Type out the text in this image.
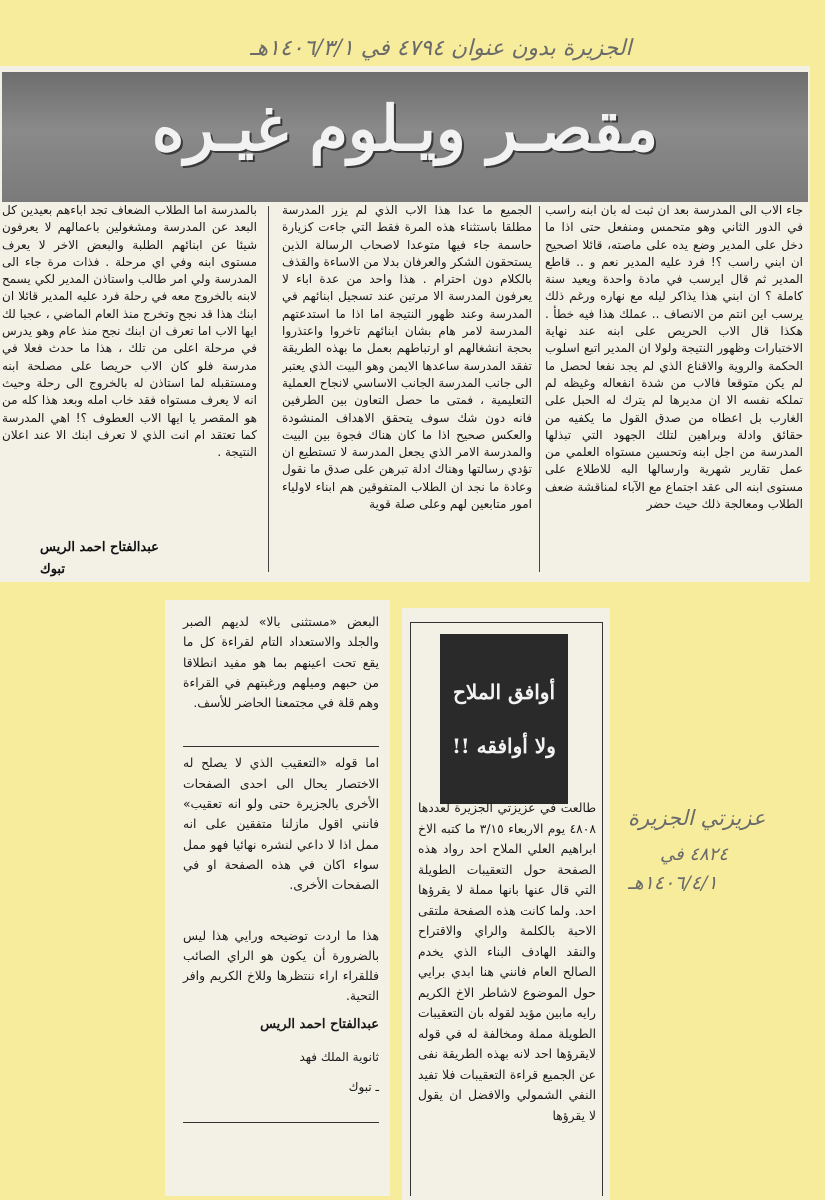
الجزيرة بدون عنوان ٤٧٩٤ في ١٤٠٦/٣/١هـ
مقصـر ويـلوم غيـره

جاء الاب الى المدرسة بعد ان ثبت له بان ابنه راسب في الدور الثاني وهو متحمس ومنفعل حتى اذا ما دخل على المدير وضع يده على ماصته، قائلا اصحيح ان ابني راسب ؟! فرد عليه المدير نعم و .. قاطع المدير ثم قال ايرسب في مادة واحدة ويعيد سنة كاملة ؟ ان ابني هذا يذاكر ليله مع نهاره ورغم ذلك يرسب اين انتم من الانصاف .. عملك هذا فيه خطأ . هكذا قال الاب الحريص على ابنه عند نهاية الاختبارات وظهور النتيجة ولولا ان المدير اتبع اسلوب الحكمة والروية والاقناع الذي لم يجد نفعا لحصل ما لم يكن متوقعا فالاب من شدة انفعاله وغيظه لم تملكه نفسه الا ان مديرها لم يترك له الحبل على الغارب بل اعطاه من صدق القول ما يكفيه من حقائق وادلة وبراهين لتلك الجهود التي تبذلها المدرسة من اجل ابنه وتحسين مستواه العلمي من عمل تقارير شهرية وارسالها اليه للاطلاع على مستوى ابنه الى عقد اجتماع مع الآباء لمناقشة ضعف الطلاب ومعالجة ذلك حيث حضر

الجميع ما عدا هذا الاب الذي لم يزر المدرسة مطلقا باستثناء هذه المرة فقط التي جاءت كزيارة حاسمة جاء فيها متوعدا لاصحاب الرسالة الذين يستحقون الشكر والعرفان بدلا من الاساءة والقذف بالكلام دون احترام . هذا واحد من عدة اباء لا يعرفون المدرسة الا مرتين عند تسجيل ابنائهم في المدرسة وعند ظهور النتيجة اما اذا ما استدعتهم المدرسة لامر هام بشان ابنائهم تاخروا واعتذروا بحجة انشغالهم او ارتباطهم بعمل ما بهذه الطريقة تفقد المدرسة ساعدها الايمن وهو البيت الذي يعتبر الى جانب المدرسة الجانب الاساسي لانجاح العملية التعليمية ، فمتى ما حصل التعاون بين الطرفين فانه دون شك سوف يتحقق الاهداف المنشودة والعكس صحيح اذا ما كان هناك فجوة بين البيت والمدرسة الامر الذي يجعل المدرسة لا تستطيع ان تؤدي رسالتها وهناك ادلة تبرهن على صدق ما نقول وعادة ما نجد ان الطلاب المتفوقين هم ابناء لاولياء امور متابعين لهم وعلى صلة قوية

بالمدرسة اما الطلاب الضعاف تجد اباءهم بعيدين كل البعد عن المدرسة ومشغولين باعمالهم لا يعرفون شيئا عن ابنائهم الطلبة والبعض الاخر لا يعرف مستوى ابنه وفي اي مرحلة . فذات مرة جاء الى المدرسة ولي امر طالب واستاذن المدير لكي يسمح لابنه بالخروج معه في رحلة فرد عليه المدير قائلا ان ابنك هذا قد نجح وتخرج منذ العام الماضي ، عجبا لك ايها الاب اما تعرف ان ابنك نجح منذ عام وهو يدرس في مرحلة اعلى من تلك ، هذا ما حدث فعلا في مدرسة فلو كان الاب حريصا على مصلحة ابنه ومستقبله لما استاذن له بالخروج الى رحلة وحيث انه لا يعرف مستواه فقد خاب امله وبعد هذا كله من هو المقصر يا ايها الاب العطوف ؟! اهي المدرسة كما تعتقد ام انت الذي لا تعرف ابنك الا عند اعلان النتيجة .

عبدالفتاح احمد الريس
تبوك

البعض «مستثنى بالا» لديهم الصبر والجلد والاستعداد التام لقراءة كل ما يقع تحت اعينهم بما هو مفيد انطلاقا من حبهم وميلهم ورغبتهم في القراءة وهم قلة في مجتمعنا الحاضر للأسف.

اما قوله «التعقيب الذي لا يصلح له الاختصار يحال الى احدى الصفحات الأخرى بالجزيرة حتى ولو انه تعقيب» فانني اقول مازلنا متفقين على انه ممل اذا لا داعي لنشره نهائيا فهو ممل سواء اكان في هذه الصفحة او في الصفحات الأخرى.

هذا ما اردت توضيحه ورايي هذا ليس بالضرورة أن يكون هو الراي الصائب فللقراء اراء ننتظرها وللاخ الكريم وافر التحية.

عبدالفتاح احمد الريس
ثانوية الملك فهد
ـ تبوك
أوافق الملاح
ولا أوافقه !!

طالعت في عزيزتي الجزيرة لعددها ٤٨٠٨ يوم الاربعاء ٣/١٥ ما كتبه الاخ ابراهيم العلي الملاح احد رواد هذه الصفحة حول التعقيبات الطويلة التي قال عنها بانها مملة لا يقرؤها احد. ولما كانت هذه الصفحة ملتقى الاحبة بالكلمة والراي والاقتراح والنقد الهادف البناء الذي يخدم الصالح العام فانني هنا ابدي برايي حول الموضوع لاشاطر الاخ الكريم رايه مابين مؤيد لقوله بان التعقيبات الطويلة مملة ومخالفة له في قوله لايقرؤها احد لانه بهذه الطريقة نفى عن الجميع قراءة التعقيبات فلا تفيد النفي الشمولي والافضل ان يقول لا يقرؤها

عزيزتي الجزيرة
٤٨٢٤ في
١٤٠٦/٤/١هـ
